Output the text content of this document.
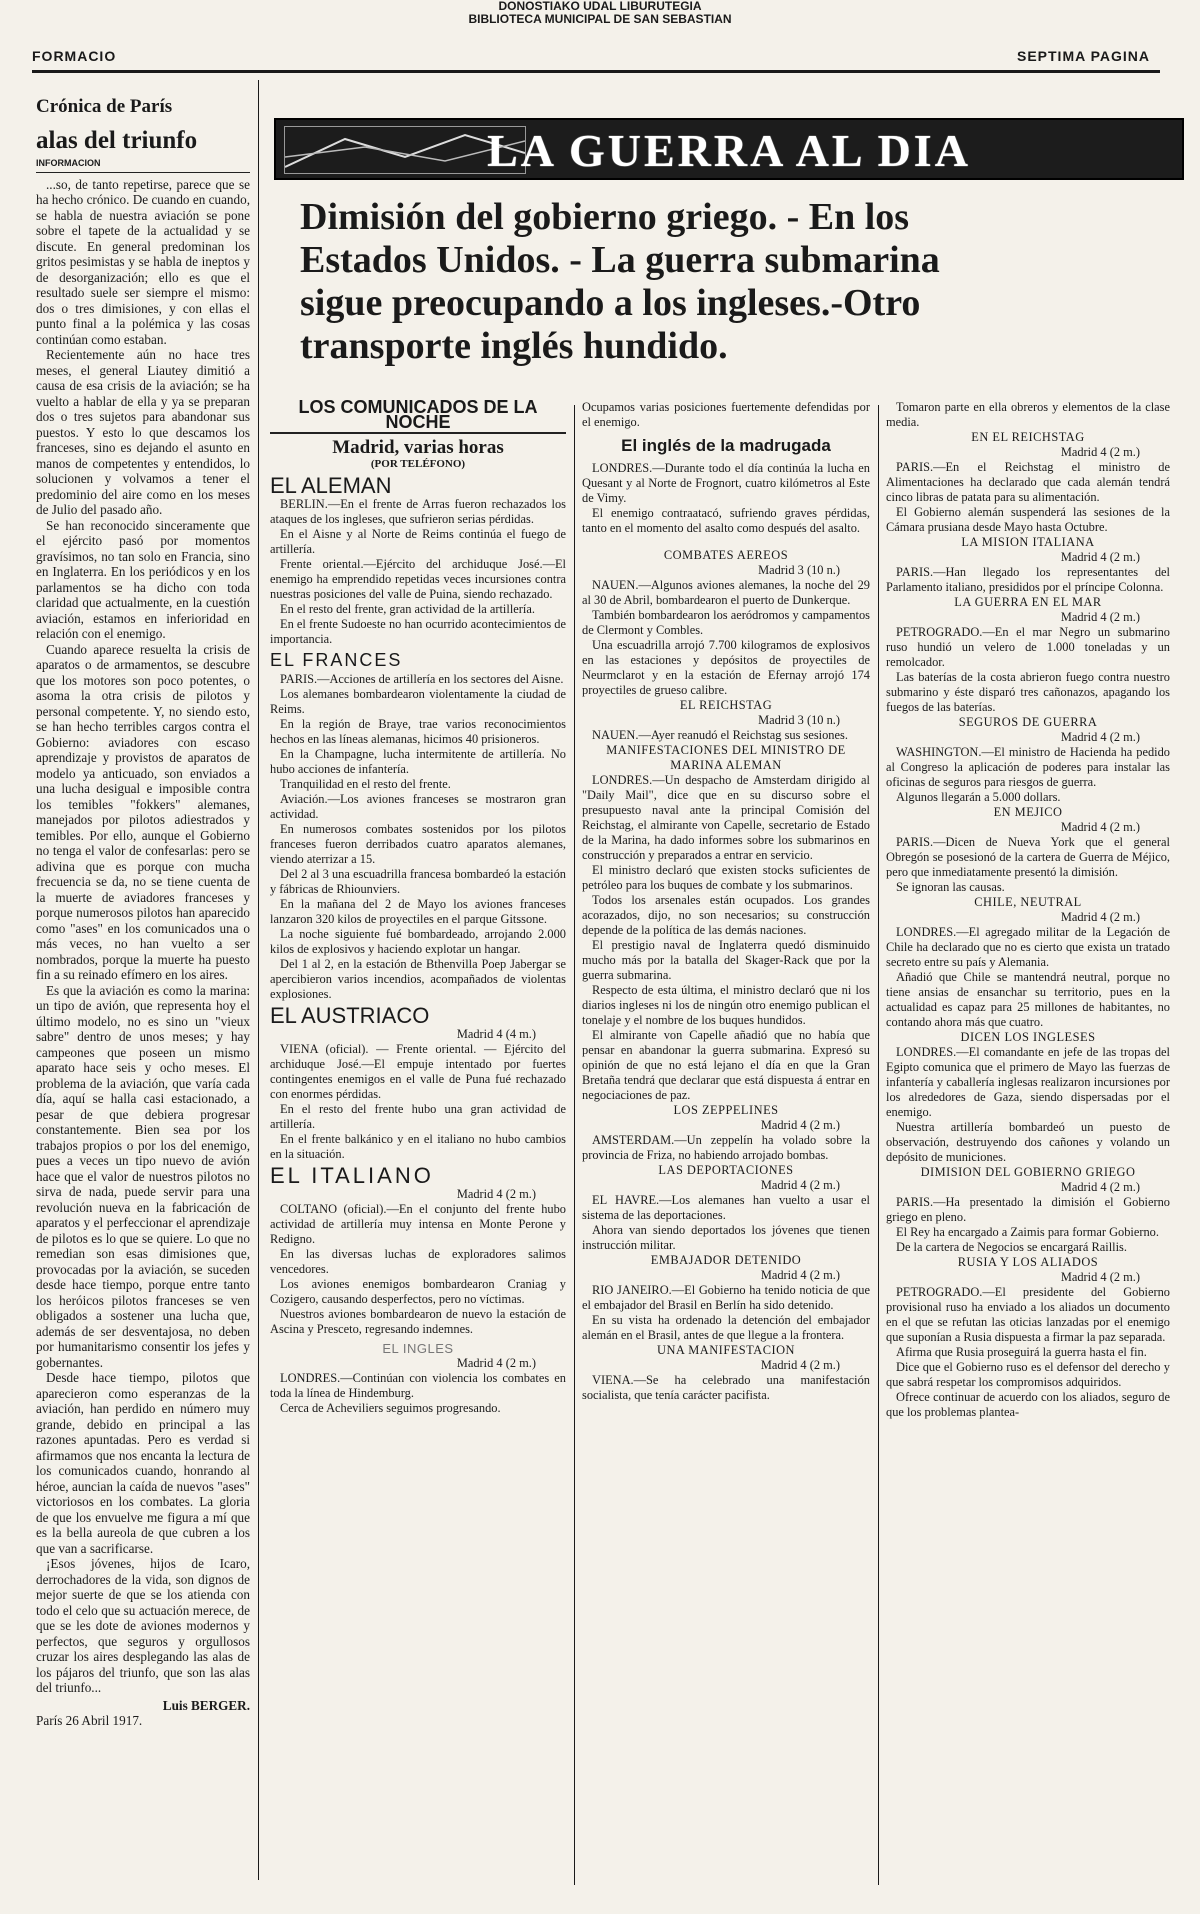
DONOSTIAKO UDAL LIBURUTEGIA
BIBLIOTECA MUNICIPAL DE SAN SEBASTIAN
FORMACIO	SEPTIMA PAGINA
Crónica de París
alas del triunfo
INFORMACION

...so, de tanto repetirse, parece que se ha hecho crónico. De cuando en cuando, se habla de nuestra aviación se pone sobre el tapete de la actualidad y se discute. En general predominan los gritos pesimistas y se habla de ineptos y de desorganización; ello es que el resultado suele ser siempre el mismo: dos o tres dimisiones, y con ellas el punto final a la polémica y las cosas continúan como estaban.

Recientemente aún no hace tres meses, el general Liautey dimitió a causa de esa crisis de la aviación; se ha vuelto a hablar de ella y ya se preparan dos o tres sujetos para abandonar sus puestos. Y esto lo que descamos los franceses, sino es dejando el asunto en manos de competentes y entendidos, lo solucionen y volvamos a tener el predominio del aire como en los meses de Julio del pasado año.

Se han reconocido sinceramente que el ejército pasó por momentos gravísimos, no tan solo en Francia, sino en Inglaterra. En los periódicos y en los parlamentos se ha dicho con toda claridad que actualmente, en la cuestión aviación, estamos en inferioridad en relación con el enemigo.

Cuando aparece resuelta la crisis de aparatos o de armamentos, se descubre que los motores son poco potentes, o asoma la otra crisis de pilotos y personal competente. Y, no siendo esto, se han hecho terribles cargos contra el Gobierno: aviadores con escaso aprendizaje y provistos de aparatos de modelo ya anticuado, son enviados a una lucha desigual e imposible contra los temibles "fokkers" alemanes, manejados por pilotos adiestrados y temibles. Por ello, aunque el Gobierno no tenga el valor de confesarlas: pero se adivina que es porque con mucha frecuencia se da, no se tiene cuenta de la muerte de aviadores franceses y porque numerosos pilotos han aparecido como "ases" en los comunicados una o más veces, no han vuelto a ser nombrados, porque la muerte ha puesto fin a su reinado efímero en los aires.

Es que la aviación es como la marina: un tipo de avión, que representa hoy el último modelo, no es sino un "vieux sabre" dentro de unos meses; y hay campeones que poseen un mismo aparato hace seis y ocho meses. El problema de la aviación, que varía cada día, aquí se halla casi estacionado, a pesar de que debiera progresar constantemente. Bien sea por los trabajos propios o por los del enemigo, pues a veces un tipo nuevo de avión hace que el valor de nuestros pilotos no sirva de nada, puede servir para una revolución nueva en la fabricación de aparatos y el perfeccionar el aprendizaje de pilotos es lo que se quiere. Lo que no remedian son esas dimisiones que, provocadas por la aviación, se suceden desde hace tiempo, porque entre tanto los heróicos pilotos franceses se ven obligados a sostener una lucha que, además de ser desventajosa, no deben por humanitarismo consentir los jefes y gobernantes.

Desde hace tiempo, pilotos que aparecieron como esperanzas de la aviación, han perdido en número muy grande, debido en principal a las razones apuntadas. Pero es verdad si afirmamos que nos encanta la lectura de los comunicados cuando, honrando al héroe, auncian la caída de nuevos "ases" victoriosos en los combates. La gloria de que los envuelve me figura a mí que es la bella aureola de que cubren a los que van a sacrificarse.

¡Esos jóvenes, hijos de Icaro, derrochadores de la vida, son dignos de mejor suerte de que se los atienda con todo el celo que su actuación merece, de que se les dote de aviones modernos y perfectos, que seguros y orgullosos cruzar los aires desplegando las alas de los pájaros del triunfo, que son las alas del triunfo...

Luis BERGER.
París 26 Abril 1917.
LA GUERRA AL DIA
Dimisión del gobierno griego. - En los
Estados Unidos. - La guerra submarina
sigue preocupando a los ingleses.-Otro
transporte inglés hundido.
LOS COMUNICADOS DE LA NOCHE
Madrid, varias horas
(POR TELÉFONO)
EL ALEMAN

BERLIN.—En el frente de Arras fueron rechazados los ataques de los ingleses, que sufrieron serias pérdidas.

En el Aisne y al Norte de Reims continúa el fuego de artillería.

Frente oriental.—Ejército del archiduque José.—El enemigo ha emprendido repetidas veces incursiones contra nuestras posiciones del valle de Puina, siendo rechazado.

En el resto del frente, gran actividad de la artillería.

En el frente Sudoeste no han ocurrido acontecimientos de importancia.

EL FRANCES

PARIS.—Acciones de artillería en los sectores del Aisne.

Los alemanes bombardearon violentamente la ciudad de Reims.

En la región de Braye, trae varios reconocimientos hechos en las líneas alemanas, hicimos 40 prisioneros.

En la Champagne, lucha intermitente de artillería. No hubo acciones de infantería.

Tranquilidad en el resto del frente.

Aviación.—Los aviones franceses se mostraron gran actividad.

En numerosos combates sostenidos por los pilotos franceses fueron derribados cuatro aparatos alemanes, viendo aterrizar a 15.

Del 2 al 3 una escuadrilla francesa bombardeó la estación y fábricas de Rhiounviers.

En la mañana del 2 de Mayo los aviones franceses lanzaron 320 kilos de proyectiles en el parque Gitssone.

La noche siguiente fué bombardeado, arrojando 2.000 kilos de explosivos y haciendo explotar un hangar.

Del 1 al 2, en la estación de Bthenvilla Poep Jabergar se apercibieron varios incendios, acompañados de violentas explosiones.

EL AUSTRIACO
Madrid 4 (4 m.)

VIENA (oficial). — Frente oriental. — Ejército del archiduque José.—El empuje intentado por fuertes contingentes enemigos en el valle de Puna fué rechazado con enormes pérdidas.

En el resto del frente hubo una gran actividad de artillería.

En el frente balkánico y en el italiano no hubo cambios en la situación.

EL ITALIANO
Madrid 4 (2 m.)

COLTANO (oficial).—En el conjunto del frente hubo actividad de artillería muy intensa en Monte Perone y Redigno.

En las diversas luchas de exploradores salimos vencedores.

Los aviones enemigos bombardearon Craniag y Cozigero, causando desperfectos, pero no víctimas.

Nuestros aviones bombardearon de nuevo la estación de Ascina y Presceto, regresando indemnes.

EL INGLES
Madrid 4 (2 m.)

LONDRES.—Continúan con violencia los combates en toda la línea de Hindemburg.

Cerca de Acheviliers seguimos progresando.

Ocupamos varias posiciones fuertemente defendidas por el enemigo.

El inglés de la madrugada

LONDRES.—Durante todo el día continúa la lucha en Quesant y al Norte de Frognort, cuatro kilómetros al Este de Vimy.

El enemigo contraatacó, sufriendo graves pérdidas, tanto en el momento del asalto como después del asalto.

COMBATES AEREOS
Madrid 3 (10 n.)

NAUEN.—Algunos aviones alemanes, la noche del 29 al 30 de Abril, bombardearon el puerto de Dunkerque.

También bombardearon los aeródromos y campamentos de Clermont y Combles.

Una escuadrilla arrojó 7.700 kilogramos de explosivos en las estaciones y depósitos de proyectiles de Neurmclarot y en la estación de Efernay arrojó 174 proyectiles de grueso calibre.

EL REICHSTAG
Madrid 3 (10 n.)

NAUEN.—Ayer reanudó el Reichstag sus sesiones.

MANIFESTACIONES DEL MINISTRO DE MARINA ALEMAN

LONDRES.—Un despacho de Amsterdam dirigido al "Daily Mail", dice que en su discurso sobre el presupuesto naval ante la principal Comisión del Reichstag, el almirante von Capelle, secretario de Estado de la Marina, ha dado informes sobre los submarinos en construcción y preparados a entrar en servicio.

El ministro declaró que existen stocks suficientes de petróleo para los buques de combate y los submarinos.

Todos los arsenales están ocupados. Los grandes acorazados, dijo, no son necesarios; su construcción depende de la política de las demás naciones.

El prestigio naval de Inglaterra quedó disminuido mucho más por la batalla del Skager-Rack que por la guerra submarina.

Respecto de esta última, el ministro declaró que ni los diarios ingleses ni los de ningún otro enemigo publican el tonelaje y el nombre de los buques hundidos.

El almirante von Capelle añadió que no había que pensar en abandonar la guerra submarina. Expresó su opinión de que no está lejano el día en que la Gran Bretaña tendrá que declarar que está dispuesta á entrar en negociaciones de paz.

LOS ZEPPELINES
Madrid 4 (2 m.)

AMSTERDAM.—Un zeppelín ha volado sobre la provincia de Friza, no habiendo arrojado bombas.

LAS DEPORTACIONES
Madrid 4 (2 m.)

EL HAVRE.—Los alemanes han vuelto a usar el sistema de las deportaciones.

Ahora van siendo deportados los jóvenes que tienen instrucción militar.

EMBAJADOR DETENIDO
Madrid 4 (2 m.)

RIO JANEIRO.—El Gobierno ha tenido noticia de que el embajador del Brasil en Berlín ha sido detenido.

En su vista ha ordenado la detención del embajador alemán en el Brasil, antes de que llegue a la frontera.

UNA MANIFESTACION
Madrid 4 (2 m.)

VIENA.—Se ha celebrado una manifestación socialista, que tenía carácter pacifista.

Tomaron parte en ella obreros y elementos de la clase media.

EN EL REICHSTAG
Madrid 4 (2 m.)

PARIS.—En el Reichstag el ministro de Alimentaciones ha declarado que cada alemán tendrá cinco libras de patata para su alimentación.

El Gobierno alemán suspenderá las sesiones de la Cámara prusiana desde Mayo hasta Octubre.

LA MISION ITALIANA
Madrid 4 (2 m.)

PARIS.—Han llegado los representantes del Parlamento italiano, presididos por el príncipe Colonna.

LA GUERRA EN EL MAR
Madrid 4 (2 m.)

PETROGRADO.—En el mar Negro un submarino ruso hundió un velero de 1.000 toneladas y un remolcador.

Las baterías de la costa abrieron fuego contra nuestro submarino y éste disparó tres cañonazos, apagando los fuegos de las baterías.

SEGUROS DE GUERRA
Madrid 4 (2 m.)

WASHINGTON.—El ministro de Hacienda ha pedido al Congreso la aplicación de poderes para instalar las oficinas de seguros para riesgos de guerra.

Algunos llegarán a 5.000 dollars.

EN MEJICO
Madrid 4 (2 m.)

PARIS.—Dicen de Nueva York que el general Obregón se posesionó de la cartera de Guerra de Méjico, pero que inmediatamente presentó la dimisión.

Se ignoran las causas.

CHILE, NEUTRAL
Madrid 4 (2 m.)

LONDRES.—El agregado militar de la Legación de Chile ha declarado que no es cierto que exista un tratado secreto entre su país y Alemania.

Añadió que Chile se mantendrá neutral, porque no tiene ansias de ensanchar su territorio, pues en la actualidad es capaz para 25 millones de habitantes, no contando ahora más que cuatro.

DICEN LOS INGLESES

LONDRES.—El comandante en jefe de las tropas del Egipto comunica que el primero de Mayo las fuerzas de infantería y caballería inglesas realizaron incursiones por los alrededores de Gaza, siendo dispersadas por el enemigo.

Nuestra artillería bombardeó un puesto de observación, destruyendo dos cañones y volando un depósito de municiones.

DIMISION DEL GOBIERNO GRIEGO
Madrid 4 (2 m.)

PARIS.—Ha presentado la dimisión el Gobierno griego en pleno.

El Rey ha encargado a Zaimis para formar Gobierno.

De la cartera de Negocios se encargará Raillis.

RUSIA Y LOS ALIADOS
Madrid 4 (2 m.)

PETROGRADO.—El presidente del Gobierno provisional ruso ha enviado a los aliados un documento en el que se refutan las oticias lanzadas por el enemigo que suponían a Rusia dispuesta a firmar la paz separada.

Afirma que Rusia proseguirá la guerra hasta el fin.

Dice que el Gobierno ruso es el defensor del derecho y que sabrá respetar los compromisos adquiridos.

Ofrece continuar de acuerdo con los aliados, seguro de que los problemas plantea-
